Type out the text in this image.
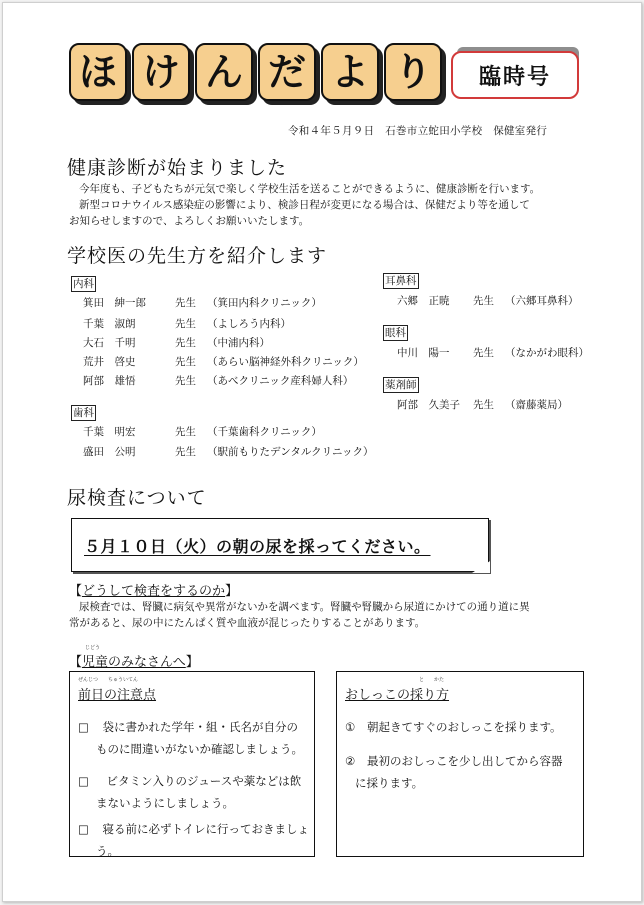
ほ け ん だ よ り	臨時号
令和４年５月９日　石巻市立蛇田小学校　保健室発行
健康診断が始まりました
今年度も、子どもたちが元気で楽しく学校生活を送ることができるように、健康診断を行います。
新型コロナウイルス感染症の影響により、検診日程が変更になる場合は、保健だより等を通して
お知らせしますので、よろしくお願いいたします。
学校医の先生方を紹介します
内科
箕田　紳一郎	先生 （箕田内科クリニック）
千葉　淑朗	先生 （よしろう内科）
大石　千明	先生 （中浦内科）
荒井　啓史	先生 （あらい脳神経外科クリニック）
阿部　雄悟	先生 （あべクリニック産科婦人科）
歯科
千葉　明宏	先生 （千葉歯科クリニック）
盛田　公明	先生 （駅前もりたデンタルクリニック）
耳鼻科
六郷　正暁 先生 （六郷耳鼻科）
眼科
中川　陽一 先生 （なかがわ眼科）
薬剤師
阿部　久美子 先生 （齋藤薬局）
尿検査について
５月１０日（火）の朝の尿を採ってください。
【どうして検査をするのか】
尿検査では、腎臓に病気や異常がないかを調べます。腎臓や腎臓から尿道にかけての通り道に異
常があると、尿の中にたんぱく質や血液が混じったりすることがあります。
じどう
【児童のみなさんへ】
ぜんじつ　　ちゅういてん
前日の注意点
□ 袋に書かれた学年・組・氏名が自分の
ものに間違いがないか確認しましょう。
□ ビタミン入りのジュースや薬などは飲
まないようにしましょう。
□ 寝る前に必ずトイレに行っておきましょ
う。
と　　かた
おしっこの採り方
① 朝起きてすぐのおしっこを採ります。
② 最初のおしっこを少し出してから容器
に採ります。
